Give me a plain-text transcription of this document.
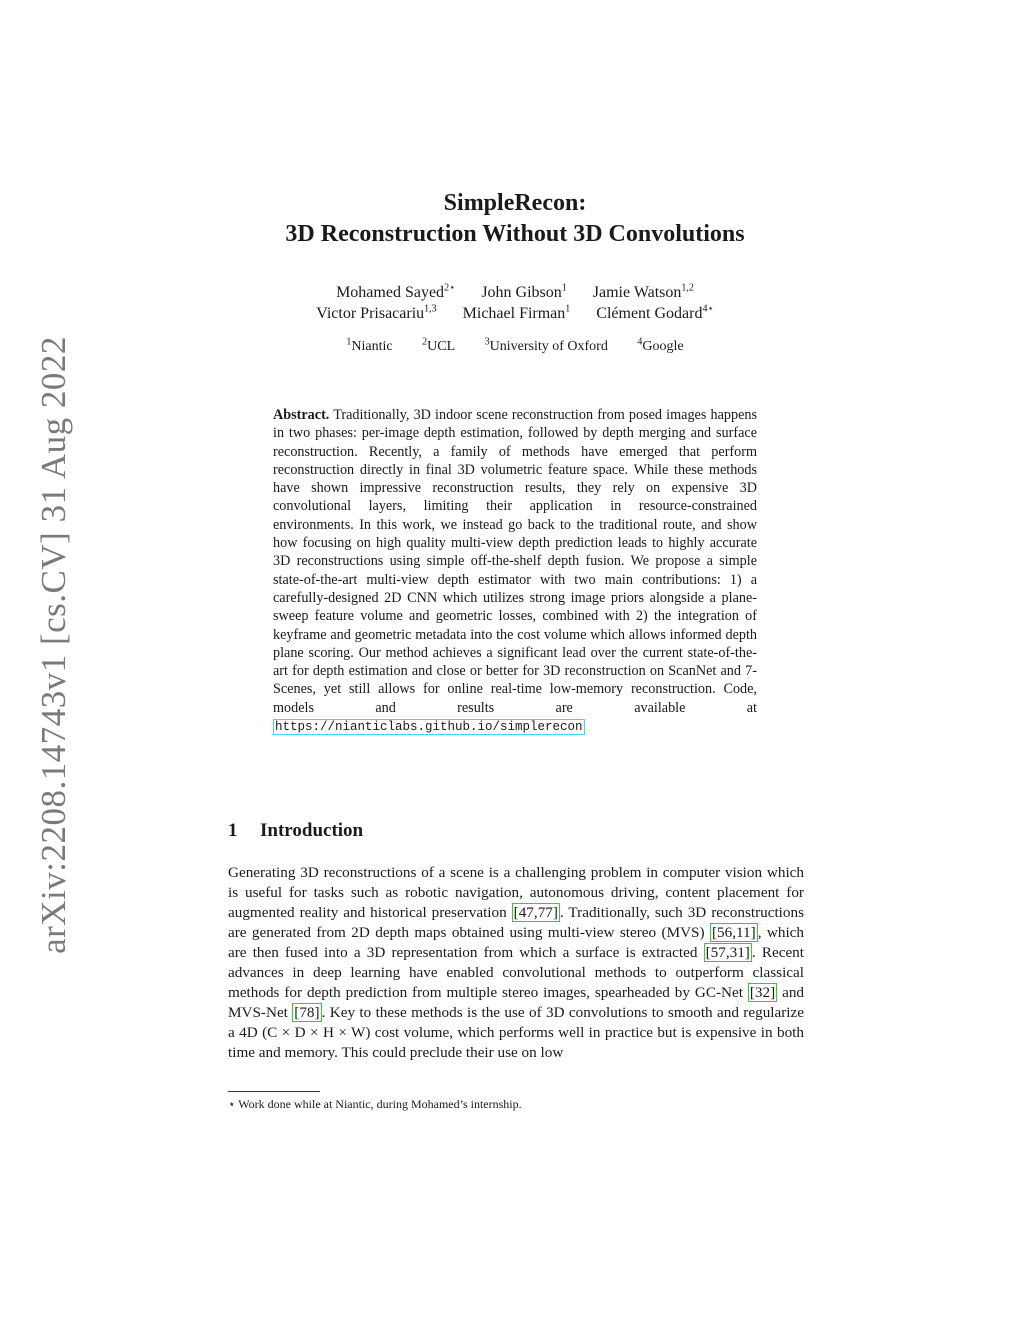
arXiv:2208.14743v1 [cs.CV] 31 Aug 2022
SimpleRecon:
3D Reconstruction Without 3D Convolutions
Mohamed Sayed$^{2⋆}$ John Gibson$^1$ Jamie Watson$^{1,2}$
Victor Prisacariu$^{1,3}$ Michael Firman$^1$ Clément Godard$^{4⋆}$
$^1$Niantic	$^2$UCL	$^3$University of Oxford	$^4$Google
Abstract. Traditionally, 3D indoor scene reconstruction from posed images happens in two phases: per-image depth estimation, followed by depth merging and surface reconstruction. Recently, a family of methods have emerged that perform reconstruction directly in final 3D volumetric feature space. While these methods have shown impressive reconstruction results, they rely on expensive 3D convolutional layers, limiting their application in resource-constrained environments. In this work, we instead go back to the traditional route, and show how focusing on high quality multi-view depth prediction leads to highly accurate 3D reconstructions using simple off-the-shelf depth fusion. We propose a simple state-of-the-art multi-view depth estimator with two main contributions: 1) a carefully-designed 2D CNN which utilizes strong image priors alongside a plane-sweep feature volume and geometric losses, combined with 2) the integration of keyframe and geometric metadata into the cost volume which allows informed depth plane scoring. Our method achieves a significant lead over the current state-of-the-art for depth estimation and close or better for 3D reconstruction on ScanNet and 7-Scenes, yet still allows for online real-time low-memory reconstruction. Code, models and results are available at https://nianticlabs.github.io/simplerecon
1 Introduction
Generating 3D reconstructions of a scene is a challenging problem in computer vision which is useful for tasks such as robotic navigation, autonomous driving, content placement for augmented reality and historical preservation [47,77] . Traditionally, such 3D reconstructions are generated from 2D depth maps obtained using multi-view stereo (MVS) [56,11] , which are then fused into a 3D representation from which a surface is extracted [57,31] . Recent advances in deep learning have enabled convolutional methods to outperform classical methods for depth prediction from multiple stereo images, spearheaded by GC-Net [32] and MVS-Net [78] . Key to these methods is the use of 3D convolutions to smooth and regularize a 4D (C × D × H × W) cost volume, which performs well in practice but is expensive in both time and memory. This could preclude their use on low
⋆ Work done while at Niantic, during Mohamed’s internship.
